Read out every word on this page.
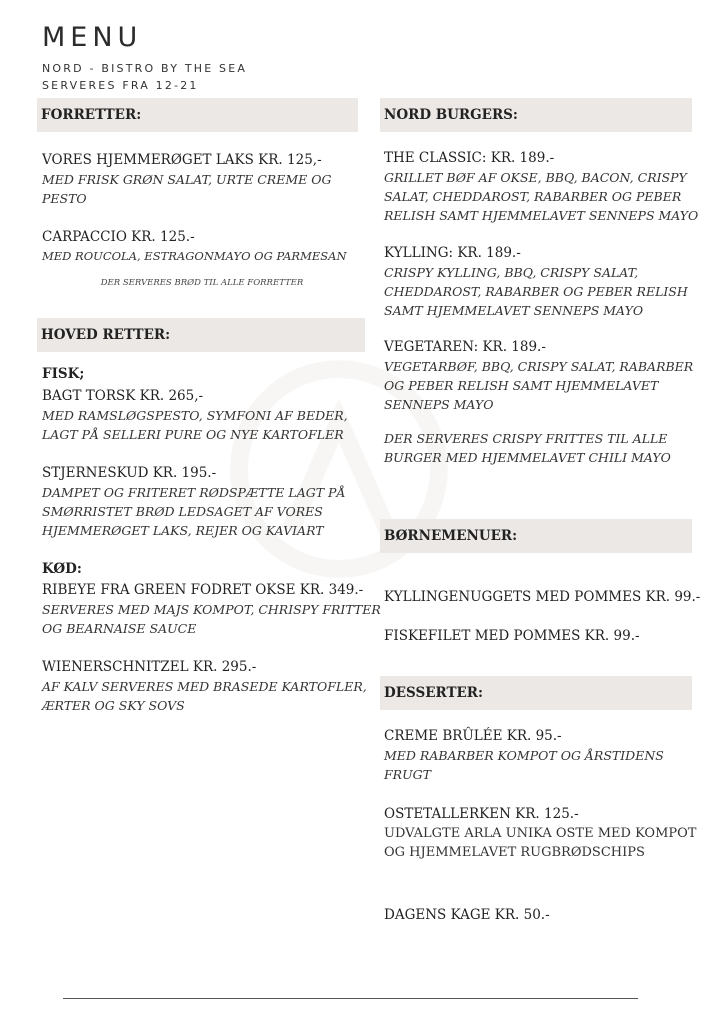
MENU
NORD - BISTRO BY THE SEA
SERVERES FRA 12-21
FORRETTER:
VORES HJEMMERØGET LAKS KR. 125,-
MED FRISK GRØN SALAT, URTE CREME OG PESTO
CARPACCIO KR. 125.-
MED ROUCOLA, ESTRAGONMAYO OG PARMESAN
DER SERVERES BRØD TIL ALLE FORRETTER
HOVED RETTER:
FISK;
BAGT TORSK KR. 265,-
MED RAMSLØGSPESTO, SYMFONI AF BEDER, LAGT PÅ SELLERI PURE OG NYE KARTOFLER
STJERNESKUD KR. 195.-
DAMPET OG FRITERET RØDSPÆTTE LAGT PÅ SMØRRISTET BRØD LEDSAGET AF VORES HJEMMERØGET LAKS, REJER OG KAVIART
KØD:
RIBEYE FRA GREEN FODRET OKSE KR. 349.-
SERVERES MED MAJS KOMPOT, CHRISPY FRITTER OG BEARNAISE SAUCE
WIENERSCHNITZEL KR. 295.-
AF KALV SERVERES MED BRASEDE KARTOFLER, ÆRTER OG SKY SOVS
NORD BURGERS:
THE CLASSIC: KR. 189.-
GRILLET BØF AF OKSE, BBQ, BACON, CRISPY SALAT, CHEDDAROST, RABARBER OG PEBER RELISH SAMT HJEMMELAVET SENNEPS MAYO
KYLLING: KR. 189.-
CRISPY KYLLING, BBQ, CRISPY SALAT, CHEDDAROST, RABARBER OG PEBER RELISH SAMT HJEMMELAVET SENNEPS MAYO
VEGETAREN: KR. 189.-
VEGETARBØF, BBQ, CRISPY SALAT, RABARBER OG PEBER RELISH SAMT HJEMMELAVET SENNEPS MAYO
DER SERVERES CRISPY FRITTES TIL ALLE BURGER MED HJEMMELAVET CHILI MAYO
BØRNEMENUER:
KYLLINGENUGGETS MED POMMES KR. 99.-
FISKEFILET MED POMMES KR. 99.-
DESSERTER:
CREME BRÛLÉE KR. 95.-
MED RABARBER KOMPOT OG ÅRSTIDENS FRUGT
OSTETALLERKEN KR. 125.-
UDVALGTE ARLA UNIKA OSTE MED KOMPOT OG HJEMMELAVET RUGBRØDSCHIPS
DAGENS KAGE KR. 50.-
